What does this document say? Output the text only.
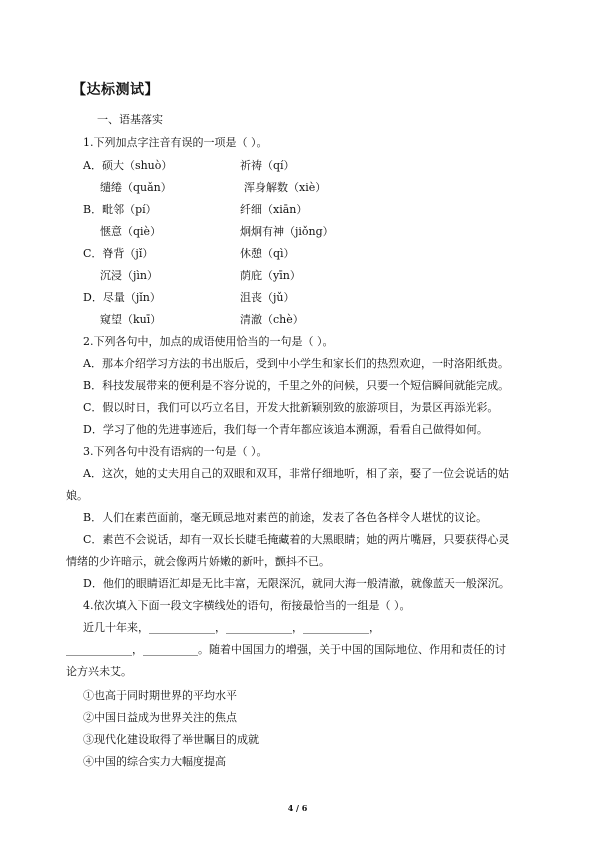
【达标测试】
一、语基落实
1.下列加点字注音有误的一项是（ ）。
A．硕大（shuò）	祈祷（qí）
缱绻（quǎn）	浑身解数（xiè）
B．毗邻（pí）	纤细（xiān）
惬意（qiè）	炯炯有神（jiǒng）
C．脊背（jǐ）	休憩（qì）
沉浸（jìn）	荫庇（yīn）
D．尽量（jǐn）	沮丧（jǔ）
窥望（kuī）	清澈（chè）
2.下列各句中，加点的成语使用恰当的一句是（ ）。
A．那本介绍学习方法的书出版后，受到中小学生和家长们的热烈欢迎，一时洛阳纸贵。
B．科技发展带来的便利是不容分说的，千里之外的问候，只要一个短信瞬间就能完成。
C．假以时日，我们可以巧立名目，开发大批新颖别致的旅游项目，为景区再添光彩。
D．学习了他的先进事迹后，我们每一个青年都应该追本溯源，看看自己做得如何。
3.下列各句中没有语病的一句是（ ）。
A．这次，她的丈夫用自己的双眼和双耳，非常仔细地听，相了亲，娶了一位会说话的姑
娘。
B．人们在素芭面前，毫无顾忌地对素芭的前途，发表了各色各样令人堪忧的议论。
C．素芭不会说话，却有一双长长睫毛掩藏着的大黑眼睛；她的两片嘴唇，只要获得心灵
情绪的少许暗示，就会像两片娇嫩的新叶，颤抖不已。
D．他们的眼睛语汇却是无比丰富，无限深沉，就同大海一般清澈，就像蓝天一般深沉。
4.依次填入下面一段文字横线处的语句，衔接最恰当的一组是（ ）。
近几十年来，____________，____________，____________，
____________，__________。随着中国国力的增强，关于中国的国际地位、作用和责任的讨
论方兴未艾。
①也高于同时期世界的平均水平
②中国日益成为世界关注的焦点
③现代化建设取得了举世瞩目的成就
④中国的综合实力大幅度提高
4 / 6
